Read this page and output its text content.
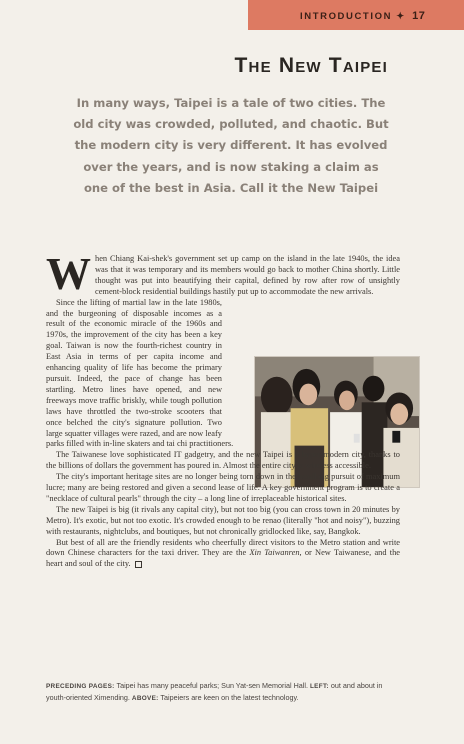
INTRODUCTION ✦ 17
The New Taipei

In many ways, Taipei is a tale of two cities. The old city was crowded, polluted, and chaotic. But the modern city is very different. It has evolved over the years, and is now staking a claim as one of the best in Asia. Call it the New Taipei

When Chiang Kai-shek's government set up camp on the island in the late 1940s, the idea was that it was temporary and its members would go back to mother China shortly. Little thought was put into beautifying their capital, defined by row after row of unsightly cement-block residential buildings hastily put up to accommodate the new arrivals.

Since the lifting of martial law in the late 1980s, and the burgeoning of disposable incomes as a result of the economic miracle of the 1960s and 1970s, the improvement of the city has been a key goal. Taiwan is now the fourth-richest country in East Asia in terms of per capita income and enhancing quality of life has become the primary pursuit. Indeed, the pace of change has been startling. Metro lines have opened, and new freeways move traffic briskly, while tough pollution laws have throttled the two-stroke scooters that once belched the city's signature pollution. Two large squatter villages were razed, and are now leafy parks filled with in-line skaters and tai chi practitioners.

The Taiwanese love sophisticated IT gadgetry, and the new Taipei is a hyper-modern city, thanks to the billions of dollars the government has poured in. Almost the entire city is wireless accessible.

The city's important heritage sites are no longer being torn down in the headlong pursuit of maximum lucre; many are being restored and given a second lease of life. A key government program is to create a "necklace of cultural pearls" through the city – a long line of irreplaceable historical sites.

The new Taipei is big (it rivals any capital city), but not too big (you can cross town in 20 minutes by Metro). It's exotic, but not too exotic. It's crowded enough to be renao (literally "hot and noisy"), buzzing with restaurants, nightclubs, and boutiques, but not chronically gridlocked like, say, Bangkok.

But best of all are the friendly residents who cheerfully direct visitors to the Metro station and write down Chinese characters for the taxi driver. They are the Xin Taiwanren, or New Taiwanese, and the heart and soul of the city.

PRECEDING PAGES: Taipei has many peaceful parks; Sun Yat-sen Memorial Hall. LEFT: out and about in youth-oriented Ximending. ABOVE: Taipeiers are keen on the latest technology.
